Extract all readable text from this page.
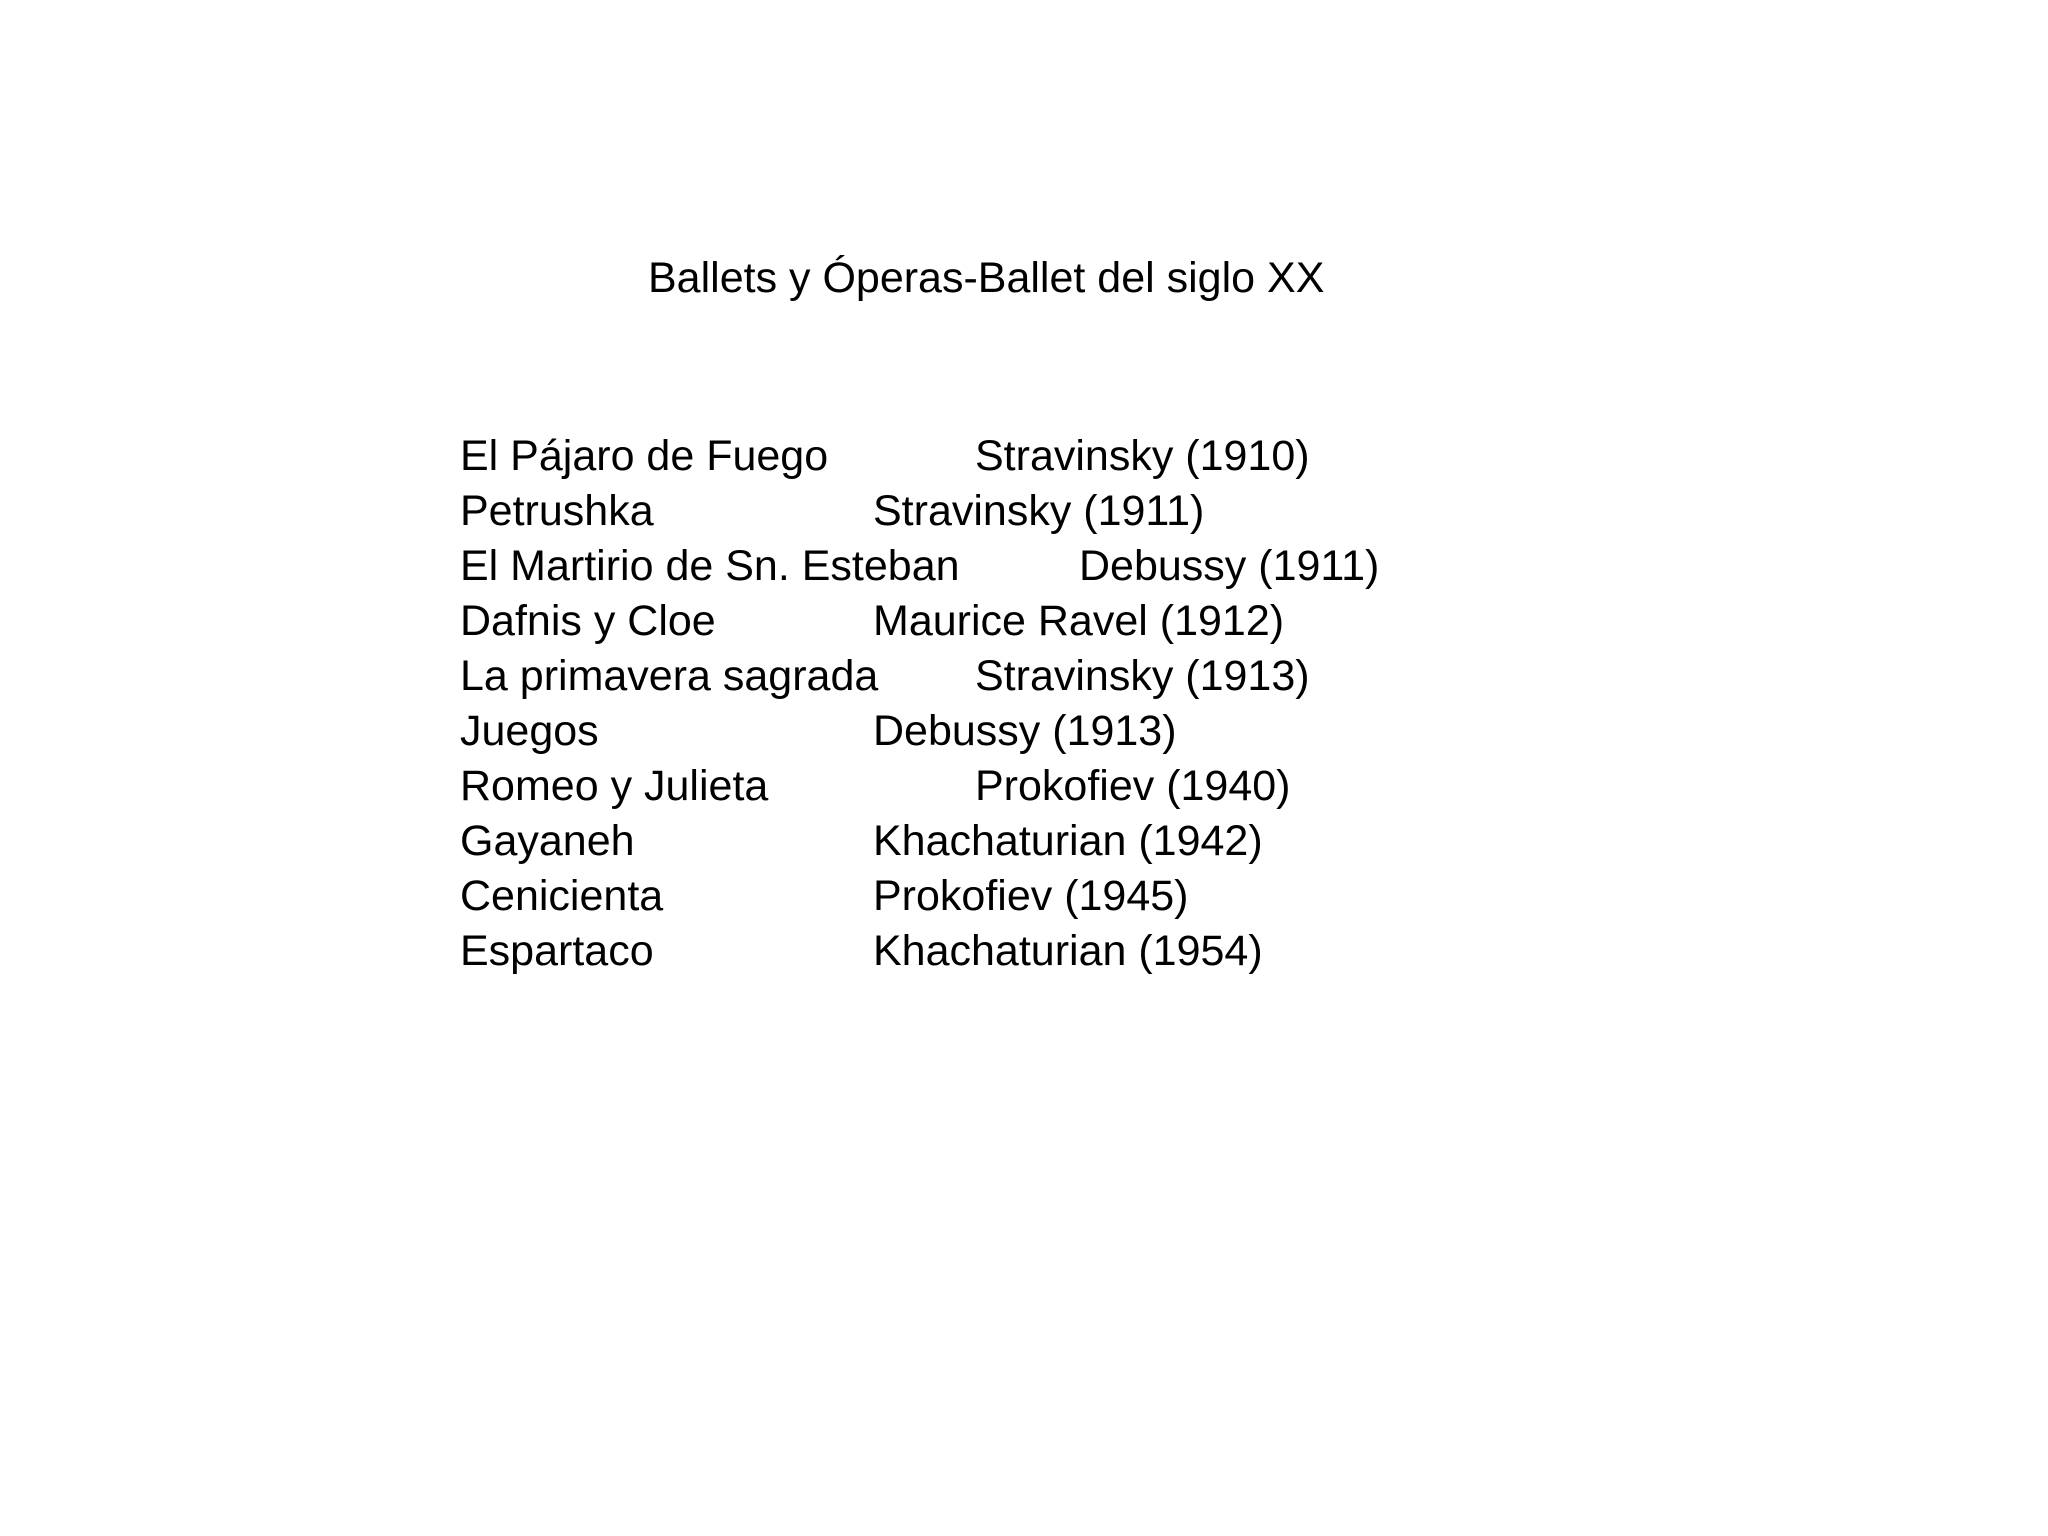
Ballets y Óperas-Ballet del siglo XX
El Pájaro de Fuego	Stravinsky (1910)
Petrushka	Stravinsky (1911)
El Martirio de Sn. Esteban	Debussy (1911)
Dafnis y Cloe	Maurice Ravel (1912)
La primavera sagrada Stravinsky (1913)
Juegos	Debussy (1913)
Romeo y Julieta	Prokofiev (1940)
Gayaneh	Khachaturian (1942)
Cenicienta	Prokofiev (1945)
Espartaco	Khachaturian (1954)
